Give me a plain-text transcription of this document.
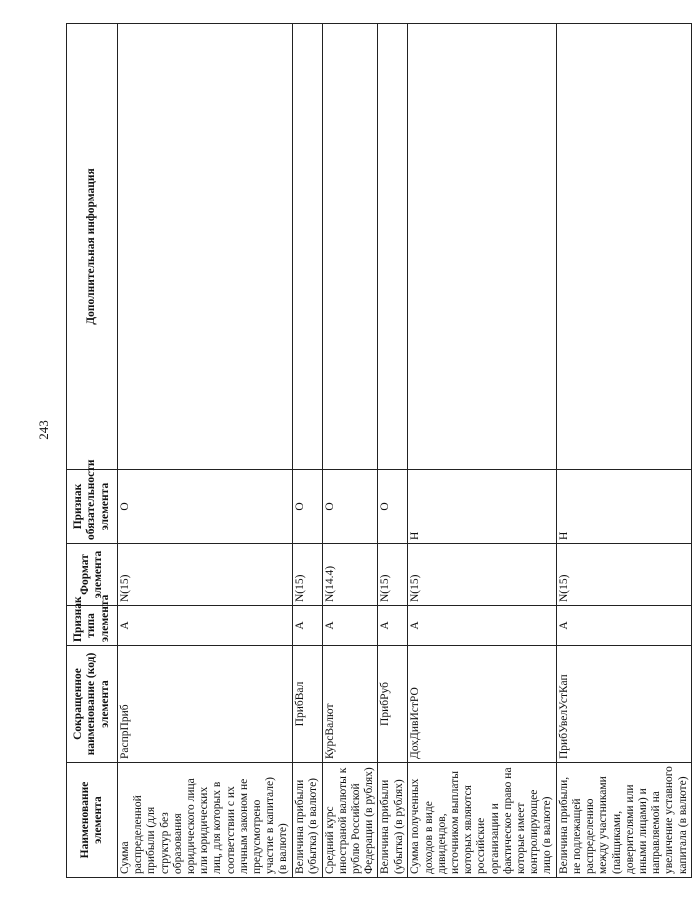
243
Наименование элемента	Сокращенное наименование (код) элемента	Признак типа элемента	Формат элемента	Признак обязательности элемента	Дополнительная информация
Сумма распределенной прибыли (для структур без образования юридического лица или юридических лиц, для которых в соответствии с их личным законом не предусмотрено участие в капитале) (в валюте)	РаспрПриб	А	N(15)	О	
Величина прибыли (убытка) (в валюте)	ПрибВал	А	N(15)	О	
Средний курс иностраной валюты к рублю Российской Федерации (в рублях)	КурсВалют	А	N(14.4)	О	
Величина прибыли (убытка) (в рублях)	ПрибРуб	А	N(15)	О	
Сумма полученных доходов в виде дивидендов, источником выплаты которых являются российские организации и фактическое право на которые имеет контролирующее лицо (в валюте)	ДохДивИстРО	А	N(15)	Н	
Величина прибыли, не подлежащей распределению между участниками (пайщиками, доверителями или иными лицами) и направляемой на увеличение уставного капитала (в валюте)	ПрибУвелУстКап	А	N(15)	Н	
